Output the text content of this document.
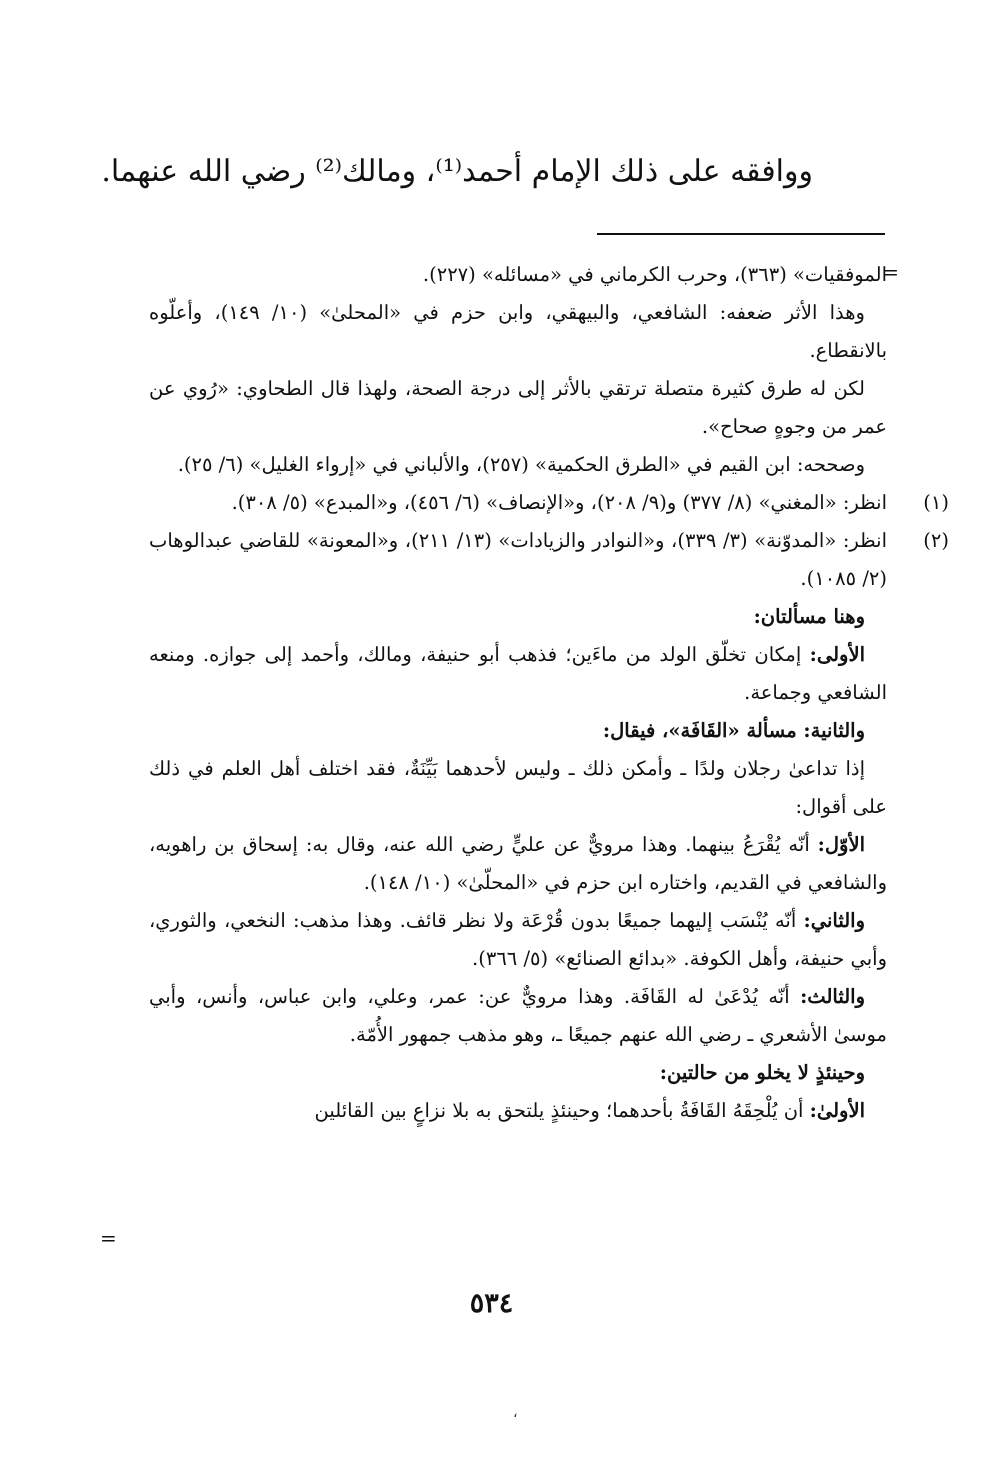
ووافقه على ذلك الإمام أحمد⁽¹⁾، ومالك⁽²⁾ رضي الله عنهما.
=

الموفقيات» (٣٦٣)، وحرب الكرماني في «مسائله» (٢٢٧).

وهذا الأثر ضعفه: الشافعي، والبيهقي، وابن حزم في «المحلىٰ» (١٠/ ١٤٩)، وأعلّوه بالانقطاع.

لكن له طرق كثيرة متصلة ترتقي بالأثر إلى درجة الصحة، ولهذا قال الطحاوي: «رُوي عن عمر من وجوهٍ صحاح».

وصححه: ابن القيم في «الطرق الحكمية» (٢٥٧)، والألباني في «إرواء الغليل» (٦/ ٢٥).

(١)
انظر: «المغني» (٨/ ٣٧٧) و(٩/ ٢٠٨)، و«الإنصاف» (٦/ ٤٥٦)، و«المبدع» (٥/ ٣٠٨).

(٢)
انظر: «المدوّنة» (٣/ ٣٣٩)، و«النوادر والزيادات» (١٣/ ٢١١)، و«المعونة» للقاضي عبدالوهاب (٢/ ١٠٨٥).

وهنا مسألتان:

الأولى: إمكان تخلّق الولد من ماءَين؛ فذهب أبو حنيفة، ومالك، وأحمد إلى جوازه. ومنعه الشافعي وجماعة.

والثانية: مسألة «القَافَة»، فيقال:

إذا تداعىٰ رجلان ولدًا ـ وأمكن ذلك ـ وليس لأحدهما بَيِّنَةٌ، فقد اختلف أهل العلم في ذلك على أقوال:

الأوّل: أنّه يُقْرَعُ بينهما. وهذا مرويٌّ عن عليٍّ رضي الله عنه، وقال به: إسحاق بن راهويه، والشافعي في القديم، واختاره ابن حزم في «المحلّىٰ» (١٠/ ١٤٨).

والثاني: أنّه يُنْسَب إليهما جميعًا بدون قُرْعَة ولا نظر قائف. وهذا مذهب: النخعي، والثوري، وأبي حنيفة، وأهل الكوفة. «بدائع الصنائع» (٥/ ٣٦٦).

والثالث: أنّه يُدْعَىٰ له القَافَة. وهذا مرويٌّ عن: عمر، وعلي، وابن عباس، وأنس، وأبي موسىٰ الأشعري ـ رضي الله عنهم جميعًا ـ، وهو مذهب جمهور الأُمّة.

وحينئذٍ لا يخلو من حالتين:

الأولىٰ: أن يُلْحِقَهُ القَافَةُ بأحدهما؛ وحينئذٍ يلتحق به بلا نزاعٍ بين القائلين

=
٥٣٤
،
